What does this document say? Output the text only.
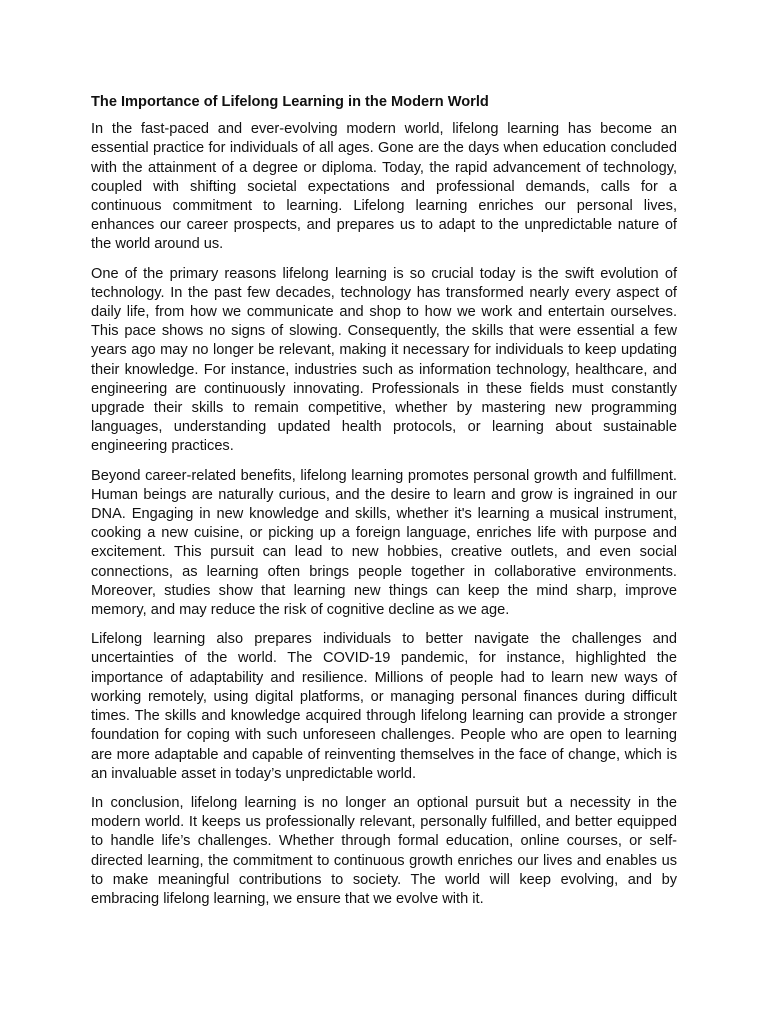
The Importance of Lifelong Learning in the Modern World

In the fast-paced and ever-evolving modern world, lifelong learning has become an essential practice for individuals of all ages. Gone are the days when education concluded with the attainment of a degree or diploma. Today, the rapid advancement of technology, coupled with shifting societal expectations and professional demands, calls for a continuous commitment to learning. Lifelong learning enriches our personal lives, enhances our career prospects, and prepares us to adapt to the unpredictable nature of the world around us.

One of the primary reasons lifelong learning is so crucial today is the swift evolution of technology. In the past few decades, technology has transformed nearly every aspect of daily life, from how we communicate and shop to how we work and entertain ourselves. This pace shows no signs of slowing. Consequently, the skills that were essential a few years ago may no longer be relevant, making it necessary for individuals to keep updating their knowledge. For instance, industries such as information technology, healthcare, and engineering are continuously innovating. Professionals in these fields must constantly upgrade their skills to remain competitive, whether by mastering new programming languages, understanding updated health protocols, or learning about sustainable engineering practices.

Beyond career-related benefits, lifelong learning promotes personal growth and fulfillment. Human beings are naturally curious, and the desire to learn and grow is ingrained in our DNA. Engaging in new knowledge and skills, whether it's learning a musical instrument, cooking a new cuisine, or picking up a foreign language, enriches life with purpose and excitement. This pursuit can lead to new hobbies, creative outlets, and even social connections, as learning often brings people together in collaborative environments. Moreover, studies show that learning new things can keep the mind sharp, improve memory, and may reduce the risk of cognitive decline as we age.

Lifelong learning also prepares individuals to better navigate the challenges and uncertainties of the world. The COVID-19 pandemic, for instance, highlighted the importance of adaptability and resilience. Millions of people had to learn new ways of working remotely, using digital platforms, or managing personal finances during difficult times. The skills and knowledge acquired through lifelong learning can provide a stronger foundation for coping with such unforeseen challenges. People who are open to learning are more adaptable and capable of reinventing themselves in the face of change, which is an invaluable asset in today’s unpredictable world.

In conclusion, lifelong learning is no longer an optional pursuit but a necessity in the modern world. It keeps us professionally relevant, personally fulfilled, and better equipped to handle life’s challenges. Whether through formal education, online courses, or self-directed learning, the commitment to continuous growth enriches our lives and enables us to make meaningful contributions to society. The world will keep evolving, and by embracing lifelong learning, we ensure that we evolve with it.
